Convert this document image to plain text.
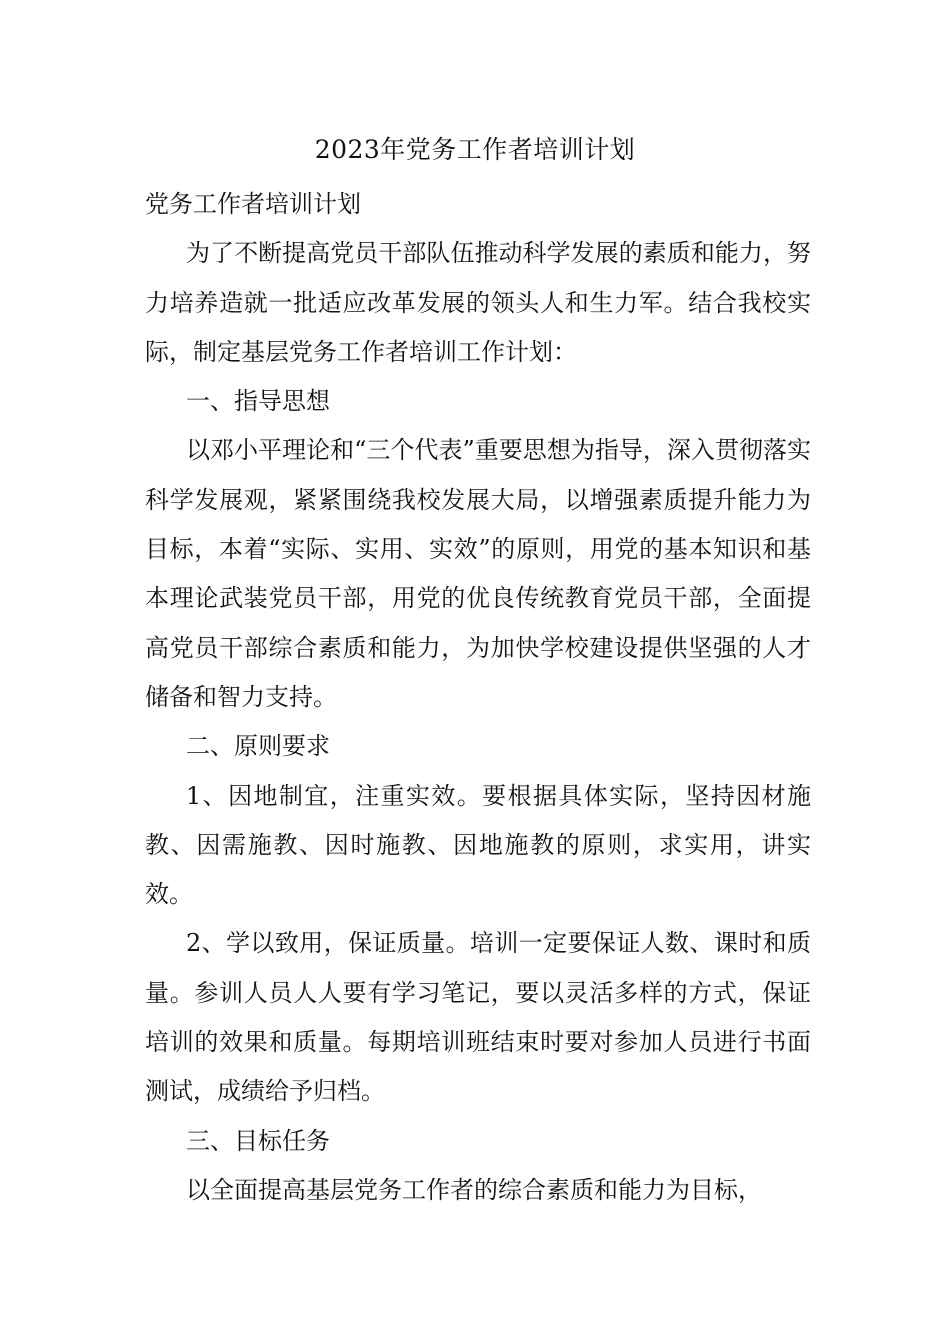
2023年党务工作者培训计划

党务工作者培训计划

为了不断提高党员干部队伍推动科学发展的素质和能力，努力培养造就一批适应改革发展的领头人和生力军。结合我校实际，制定基层党务工作者培训工作计划：

一、指导思想

以邓小平理论和“三个代表”重要思想为指导，深入贯彻落实科学发展观，紧紧围绕我校发展大局，以增强素质提升能力为目标，本着“实际、实用、实效”的原则，用党的基本知识和基本理论武装党员干部，用党的优良传统教育党员干部，全面提高党员干部综合素质和能力，为加快学校建设提供坚强的人才储备和智力支持。

二、原则要求

1、因地制宜，注重实效。要根据具体实际，坚持因材施教、因需施教、因时施教、因地施教的原则，求实用，讲实效。

2、学以致用，保证质量。培训一定要保证人数、课时和质量。参训人员人人要有学习笔记，要以灵活多样的方式，保证培训的效果和质量。每期培训班结束时要对参加人员进行书面测试，成绩给予归档。

三、目标任务

以全面提高基层党务工作者的综合素质和能力为目标，
